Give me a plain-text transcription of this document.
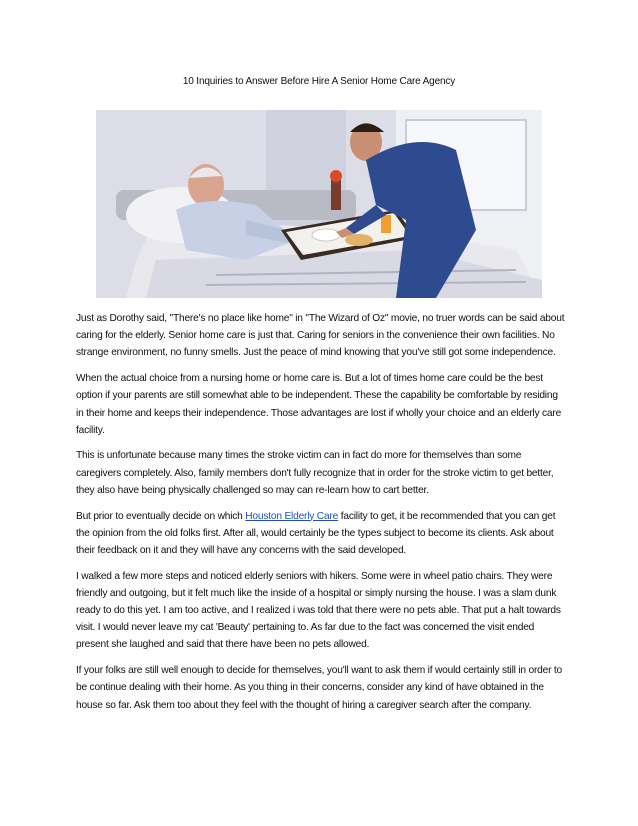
10 Inquiries to Answer Before Hire A Senior Home Care Agency

Just as Dorothy said, "There's no place like home" in "The Wizard of Oz" movie, no truer words can be said about caring for the elderly. Senior home care is just that. Caring for seniors in the convenience their own facilities. No strange environment, no funny smells. Just the peace of mind knowing that you've still got some independence.

When the actual choice from a nursing home or home care is. But a lot of times home care could be the best option if your parents are still somewhat able to be independent. These the capability be comfortable by residing in their home and keeps their independence. Those advantages are lost if wholly your choice and an elderly care facility.

This is unfortunate because many times the stroke victim can in fact do more for themselves than some caregivers completely. Also, family members don't fully recognize that in order for the stroke victim to get better, they also have being physically challenged so may can re-learn how to cart better.

But prior to eventually decide on which Houston Elderly Care facility to get, it be recommended that you can get the opinion from the old folks first. After all, would certainly be the types subject to become its clients. Ask about their feedback on it and they will have any concerns with the said developed.

I walked a few more steps and noticed elderly seniors with hikers. Some were in wheel patio chairs. They were friendly and outgoing, but it felt much like the inside of a hospital or simply nursing the house. I was a slam dunk ready to do this yet. I am too active, and I realized i was told that there were no pets able. That put a halt towards visit. I would never leave my cat 'Beauty' pertaining to. As far due to the fact was concerned the visit ended present she laughed and said that there have been no pets allowed.

If your folks are still well enough to decide for themselves, you'll want to ask them if would certainly still in order to be continue dealing with their home. As you thing in their concerns, consider any kind of have obtained in the house so far. Ask them too about they feel with the thought of hiring a caregiver search after the company.
